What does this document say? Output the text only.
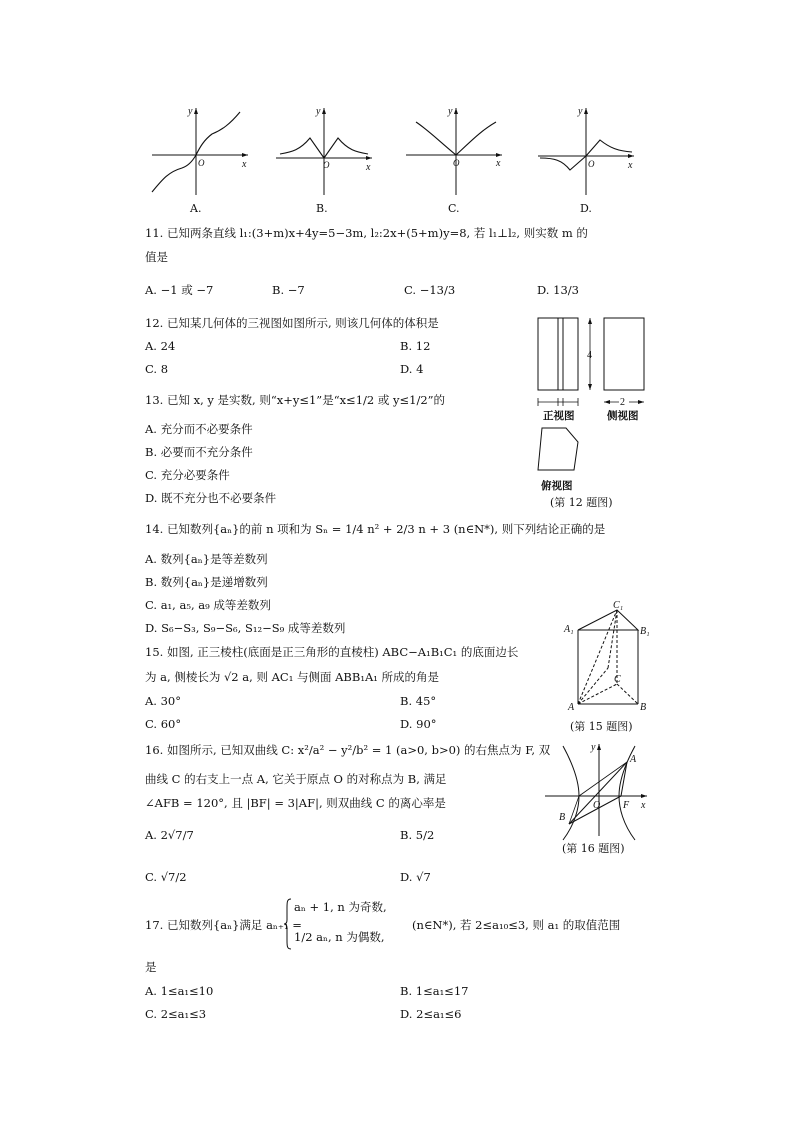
y
x
O
A.
y
x
O
B.
y
x
O
C.
y
x
O
D.
11. 已知两条直线 l₁:(3+m)x+4y=5−3m, l₂:2x+(5+m)y=8, 若 l₁⊥l₂, 则实数 m 的
值是
A. −1 或 −7	B. −7	C. −13/3	D. 13/3
12. 已知某几何体的三视图如图所示, 则该几何体的体积是
A. 24	B. 12
C. 8	D. 4
4
2
正视图	侧视图
俯视图
(第 12 题图)
13. 已知 x, y 是实数, 则“x+y≤1”是“x≤1/2 或 y≤1/2”的
A. 充分而不必要条件
B. 必要而不充分条件
C. 充分必要条件
D. 既不充分也不必要条件
14. 已知数列{aₙ}的前 n 项和为 Sₙ = 1/4 n² + 2/3 n + 3 (n∈N*), 则下列结论正确的是
A. 数列{aₙ}是等差数列
B. 数列{aₙ}是递增数列
C. a₁, a₅, a₉ 成等差数列
D. S₆−S₃, S₉−S₆, S₁₂−S₉ 成等差数列
15. 如图, 正三棱柱(底面是正三角形的直棱柱) ABC−A₁B₁C₁ 的底面边长
为 a, 侧棱长为 √2 a, 则 AC₁ 与侧面 ABB₁A₁ 所成的角是
A. 30°	B. 45°
C. 60°	D. 90°
C₁
A₁	B₁
C
A	B
(第 15 题图)
16. 如图所示, 已知双曲线 C: x²/a² − y²/b² = 1 (a>0, b>0) 的右焦点为 F, 双
曲线 C 的右支上一点 A, 它关于原点 O 的对称点为 B, 满足
∠AFB = 120°, 且 |BF| = 3|AF|, 则双曲线 C 的离心率是
A. 2√7/7	B. 5/2
C. √7/2	D. √7
y
x
A
B
O F
(第 16 题图)
17. 已知数列{aₙ}满足 aₙ₊₁ =
aₙ + 1, n 为奇数,
1/2 aₙ, n 为偶数,
(n∈N*), 若 2≤a₁₀≤3, 则 a₁ 的取值范围
是
A. 1≤a₁≤10	B. 1≤a₁≤17
C. 2≤a₁≤3	D. 2≤a₁≤6
